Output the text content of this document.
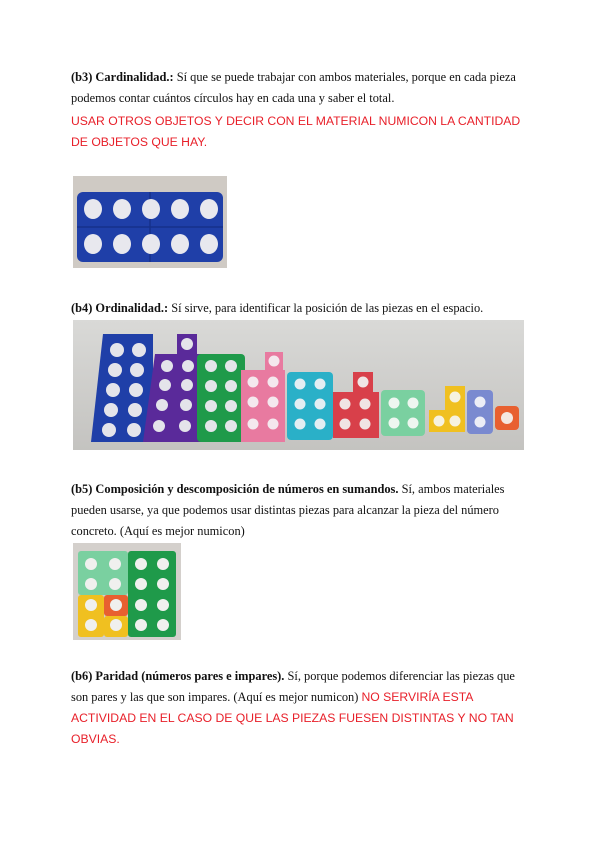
(b3) Cardinalidad.: Sí que se puede trabajar con ambos materiales, porque en cada pieza podemos contar cuántos círculos hay en cada una y saber el total.

USAR OTROS OBJETOS Y DECIR CON EL MATERIAL NUMICON LA CANTIDAD DE OBJETOS QUE HAY.

(b4) Ordinalidad.: Sí sirve, para identificar la posición de las piezas en el espacio.

(b5) Composición y descomposición de números en sumandos. Sí, ambos materiales pueden usarse, ya que podemos usar distintas piezas para alcanzar la pieza del número concreto. (Aquí es mejor numicon)

(b6) Paridad (números pares e impares). Sí, porque podemos diferenciar las piezas que son pares y las que son impares. (Aquí es mejor numicon) NO SERVIRÍA ESTA ACTIVIDAD EN EL CASO DE QUE LAS PIEZAS FUESEN DISTINTAS Y NO TAN OBVIAS.
